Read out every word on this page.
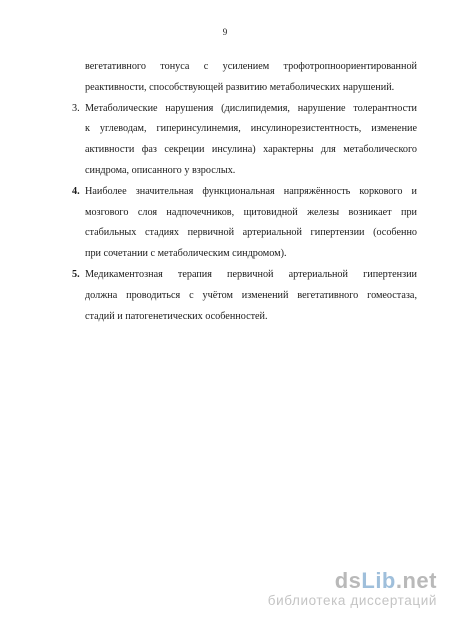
9
вегетативного тонуса с усилением трофотропноориентированной
реактивности, способствующей развитию метаболических нарушений.
3. Метаболические нарушения (дислипидемия, нарушение толерантности
к углеводам, гиперинсулинемия, инсулинорезистентность, изменение
активности фаз секреции инсулина) характерны для метаболического
синдрома, описанного у взрослых.
4. Наиболее значительная функциональная напряжённость коркового и
мозгового слоя надпочечников, щитовидной железы возникает при
стабильных стадиях первичной артериальной гипертензии (особенно
при сочетании с метаболическим синдромом).
5. Медикаментозная терапия первичной артериальной гипертензии
должна проводиться с учётом изменений вегетативного гомеостаза,
стадий и патогенетических особенностей.
dsLib.net
библиотека диссертаций
